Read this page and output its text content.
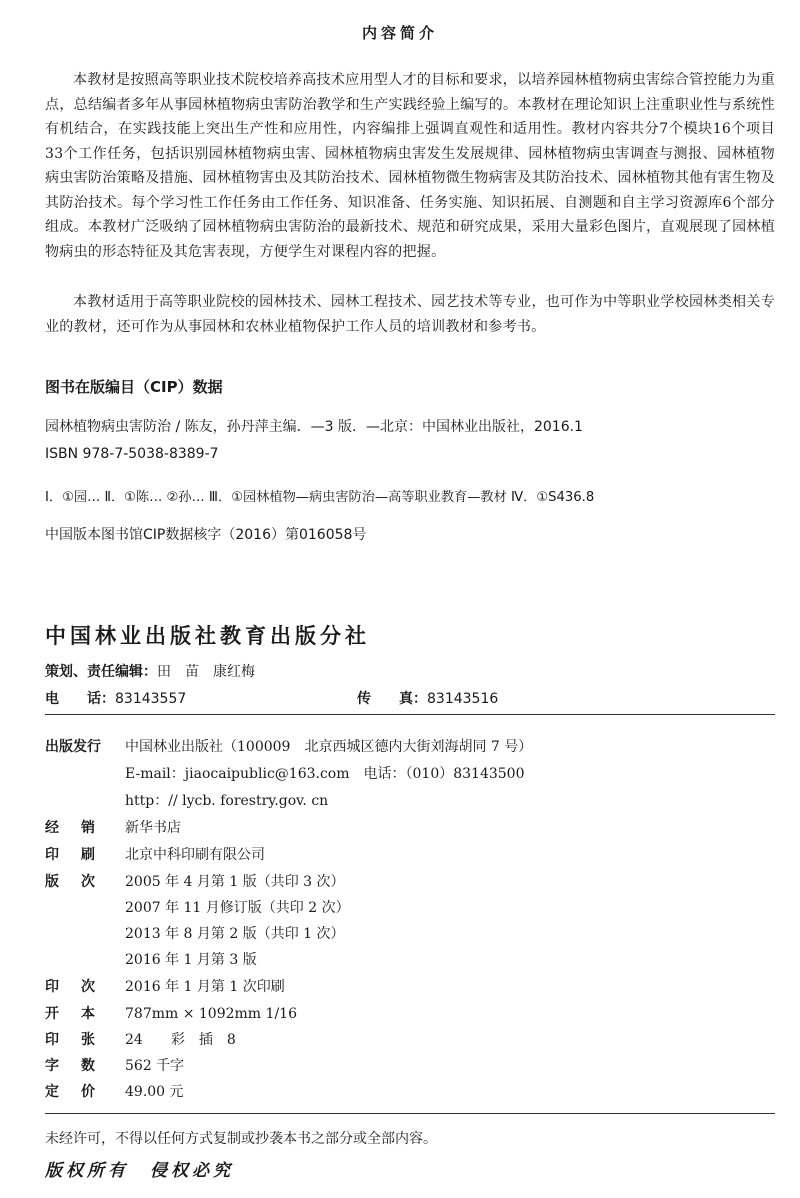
内容简介
本教材是按照高等职业技术院校培养高技术应用型人才的目标和要求，以培养园林植物病虫害综合管控能力为重点，总结编者多年从事园林植物病虫害防治教学和生产实践经验上编写的。本教材在理论知识上注重职业性与系统性有机结合，在实践技能上突出生产性和应用性，内容编排上强调直观性和适用性。教材内容共分7个模块16个项目33个工作任务，包括识别园林植物病虫害、园林植物病虫害发生发展规律、园林植物病虫害调查与测报、园林植物病虫害防治策略及措施、园林植物害虫及其防治技术、园林植物微生物病害及其防治技术、园林植物其他有害生物及其防治技术。每个学习性工作任务由工作任务、知识准备、任务实施、知识拓展、自测题和自主学习资源库6个部分组成。本教材广泛吸纳了园林植物病虫害防治的最新技术、规范和研究成果，采用大量彩色图片，直观展现了园林植物病虫的形态特征及其危害表现，方便学生对课程内容的把握。
本教材适用于高等职业院校的园林技术、园林工程技术、园艺技术等专业，也可作为中等职业学校园林类相关专业的教材，还可作为从事园林和农林业植物保护工作人员的培训教材和参考书。
图书在版编目（CIP）数据
园林植物病虫害防治 / 陈友，孙丹萍主编．—3 版．—北京：中国林业出版社，2016.1
ISBN 978-7-5038-8389-7
Ⅰ．①园… Ⅱ．①陈… ②孙… Ⅲ．①园林植物—病虫害防治—高等职业教育—教材 Ⅳ．①S436.8
中国版本图书馆CIP数据核字（2016）第016058号
中国林业出版社教育出版分社
策划、责任编辑：田　苗　康红梅
电　　话：83143557	传　　真：83143516
出版发行 中国林业出版社（100009　北京西城区德内大街刘海胡同 7 号）
E-mail：jiaocaipublic@163.com　电话：（010）83143500
http：// lycb. forestry.gov. cn
经销 新华书店
印刷 北京中科印刷有限公司
版次 2005 年 4 月第 1 版（共印 3 次）
2007 年 11 月修订版（共印 2 次）
2013 年 8 月第 2 版（共印 1 次）
2016 年 1 月第 3 版
印次 2016 年 1 月第 1 次印刷
开本 787mm × 1092mm 1/16
印张 24　　彩　插　8
字数 562 千字
定价 49.00 元
未经许可，不得以任何方式复制或抄袭本书之部分或全部内容。
版权所有　侵权必究
